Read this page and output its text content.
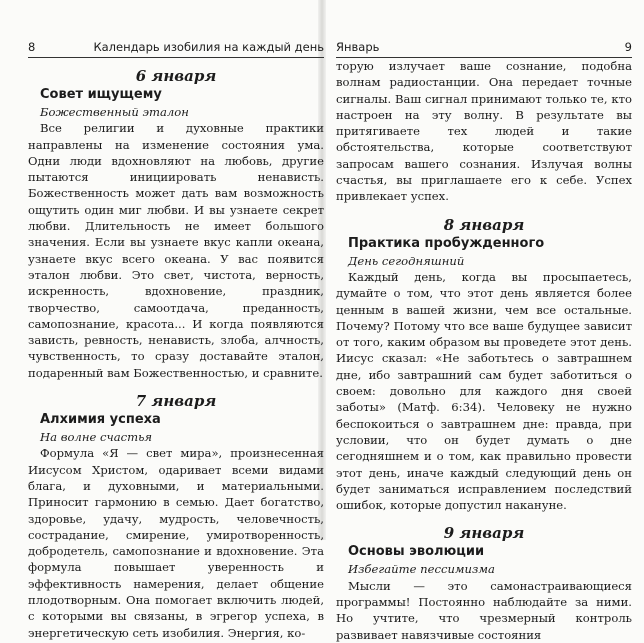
8	Календарь изобилия на каждый день
6 января
Совет ищущему
Божественный эталон

Все религии и духовные практики направлены на изменение состояния ума. Одни люди вдохновляют на любовь, другие пытаются инициировать ненависть. Божественность может дать вам возможность ощутить один миг любви. И вы узнаете секрет любви. Длительность не имеет большого значения. Если вы узнаете вкус капли океана, узнаете вкус всего океана. У вас появится эталон любви. Это свет, чистота, верность, искренность, вдохновение, праздник, творчество, самоотдача, преданность, самопознание, красота... И когда появляются зависть, ревность, ненависть, злоба, алчность, чувственность, то сразу доставайте эталон, подаренный вам Божественностью, и сравните.

7 января
Алхимия успеха
На волне счастья

Формула «Я — свет мира», произнесенная Иисусом Христом, одаривает всеми видами блага, и духовными, и материальными. Приносит гармонию в семью. Дает богатство, здоровье, удачу, мудрость, человечность, сострадание, смирение, умиротворенность, добродетель, самопознание и вдохновение. Эта формула повышает уверенность и эффективность намерения, делает общение плодотворным. Она помогает включить людей, с которыми вы связаны, в эгрегор успеха, в энергетическую сеть изобилия. Энергия, ко-

Январь	9

торую излучает ваше сознание, подобна волнам радиостанции. Она передает точные сигналы. Ваш сигнал принимают только те, кто настроен на эту волну. В результате вы притягиваете тех людей и такие обстоятельства, которые соответствуют запросам вашего сознания. Излучая волны счастья, вы приглашаете его к себе. Успех привлекает успех.

8 января
Практика пробужденного
День сегодняшний

Каждый день, когда вы просыпаетесь, думайте о том, что этот день является более ценным в вашей жизни, чем все остальные. Почему? Потому что все ваше будущее зависит от того, каким образом вы проведете этот день. Иисус сказал: «Не заботьтесь о завтрашнем дне, ибо завтрашний сам будет заботиться о своем: довольно для каждого дня своей заботы» (Матф. 6:34). Человеку не нужно беспокоиться о завтрашнем дне: правда, при условии, что он будет думать о дне сегодняшнем и о том, как правильно провести этот день, иначе каждый следующий день он будет заниматься исправлением последствий ошибок, которые допустил накануне.

9 января
Основы эволюции
Избегайте пессимизма

Мысли — это самонастраивающиеся программы! Постоянно наблюдайте за ними. Но учтите, что чрезмерный контроль развивает навязчивые состояния
